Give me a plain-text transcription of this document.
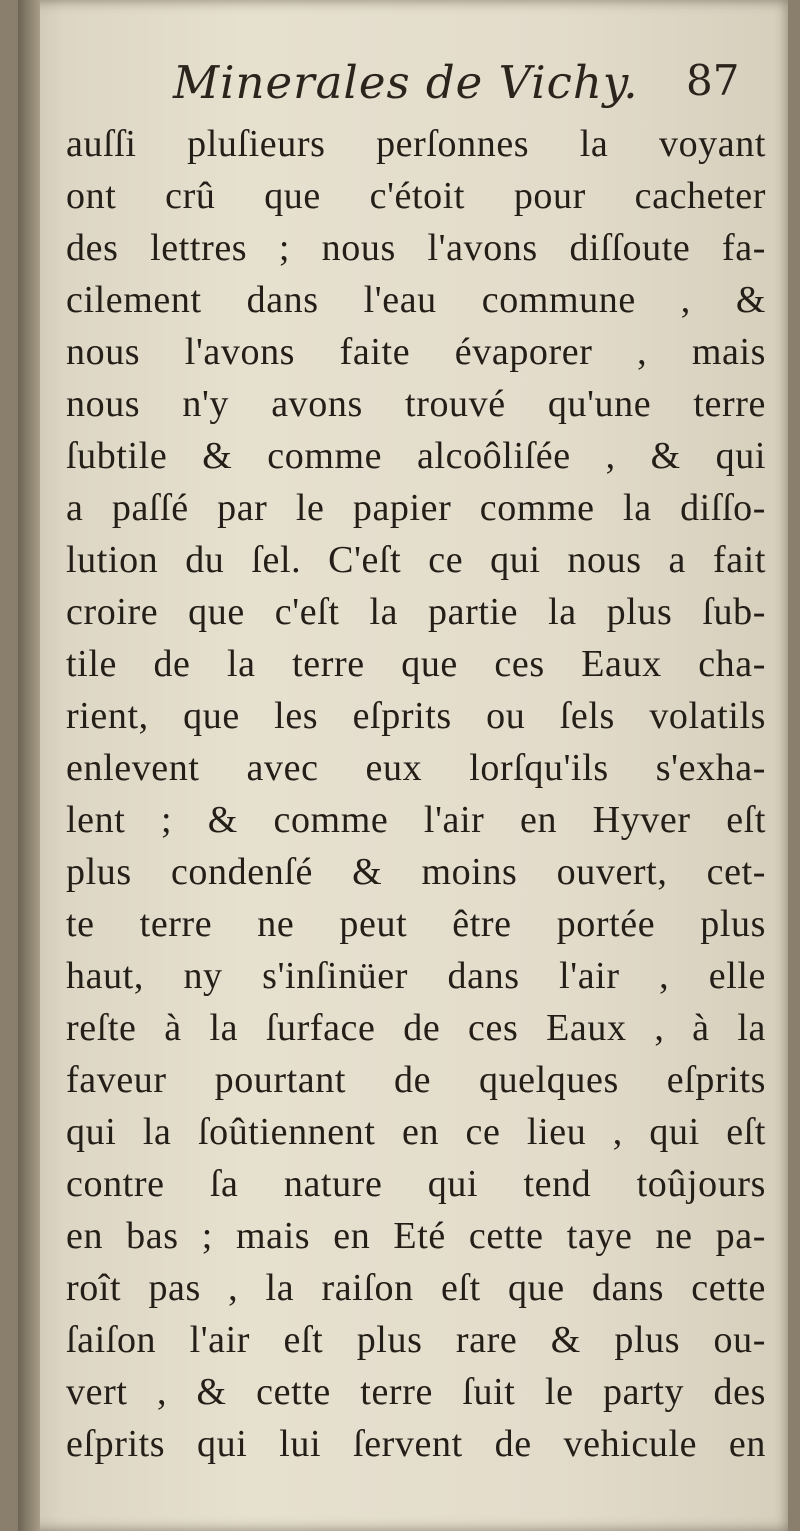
Minerales de Vichy. 87
auſſi pluſieurs perſonnes la voyant
ont crû que c'étoit pour cacheter
des lettres ; nous l'avons diſſoute fa-
cilement dans l'eau commune , &
nous l'avons faite évaporer , mais
nous n'y avons trouvé qu'une terre
ſubtile & comme alcoôliſée , & qui
a paſſé par le papier comme la diſſo-
lution du ſel. C'eſt ce qui nous a fait
croire que c'eſt la partie la plus ſub-
tile de la terre que ces Eaux cha-
rient, que les eſprits ou ſels volatils
enlevent avec eux lorſqu'ils s'exha-
lent ; & comme l'air en Hyver eſt
plus condenſé & moins ouvert, cet-
te terre ne peut être portée plus
haut, ny s'inſinüer dans l'air , elle
reſte à la ſurface de ces Eaux , à la
faveur pourtant de quelques eſprits
qui la ſoûtiennent en ce lieu , qui eſt
contre ſa nature qui tend toûjours
en bas ; mais en Eté cette taye ne pa-
roît pas , la raiſon eſt que dans cette
ſaiſon l'air eſt plus rare & plus ou-
vert , & cette terre ſuit le party des
eſprits qui lui ſervent de vehicule en
